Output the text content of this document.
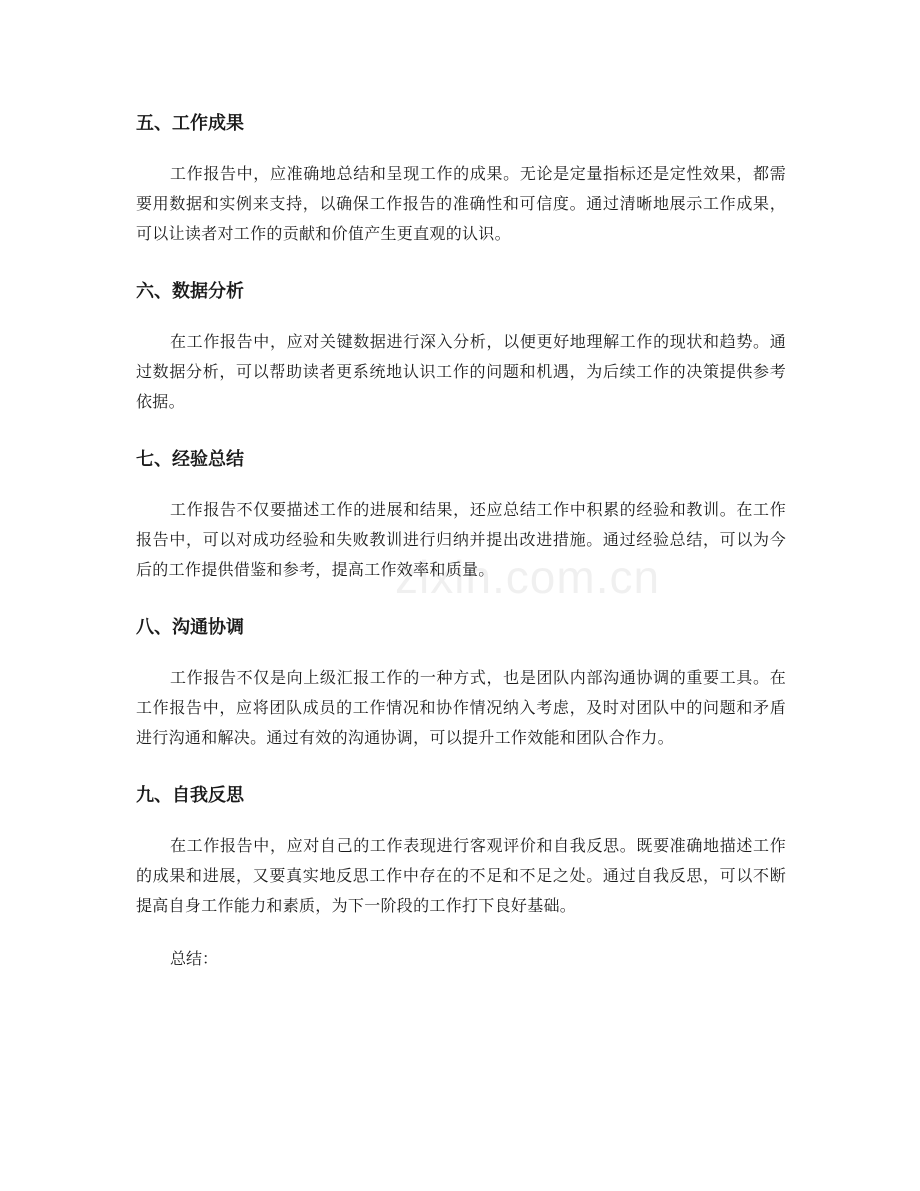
五、工作成果

工作报告中，应准确地总结和呈现工作的成果。无论是定量指标还是定性效果，都需要用数据和实例来支持，以确保工作报告的准确性和可信度。通过清晰地展示工作成果，可以让读者对工作的贡献和价值产生更直观的认识。

六、数据分析

在工作报告中，应对关键数据进行深入分析，以便更好地理解工作的现状和趋势。通过数据分析，可以帮助读者更系统地认识工作的问题和机遇，为后续工作的决策提供参考依据。

七、经验总结

工作报告不仅要描述工作的进展和结果，还应总结工作中积累的经验和教训。在工作报告中，可以对成功经验和失败教训进行归纳并提出改进措施。通过经验总结，可以为今后的工作提供借鉴和参考，提高工作效率和质量。

八、沟通协调

工作报告不仅是向上级汇报工作的一种方式，也是团队内部沟通协调的重要工具。在工作报告中，应将团队成员的工作情况和协作情况纳入考虑，及时对团队中的问题和矛盾进行沟通和解决。通过有效的沟通协调，可以提升工作效能和团队合作力。

九、自我反思

在工作报告中，应对自己的工作表现进行客观评价和自我反思。既要准确地描述工作的成果和进展，又要真实地反思工作中存在的不足和不足之处。通过自我反思，可以不断提高自身工作能力和素质，为下一阶段的工作打下良好基础。

总结：

zixin.com.cn
